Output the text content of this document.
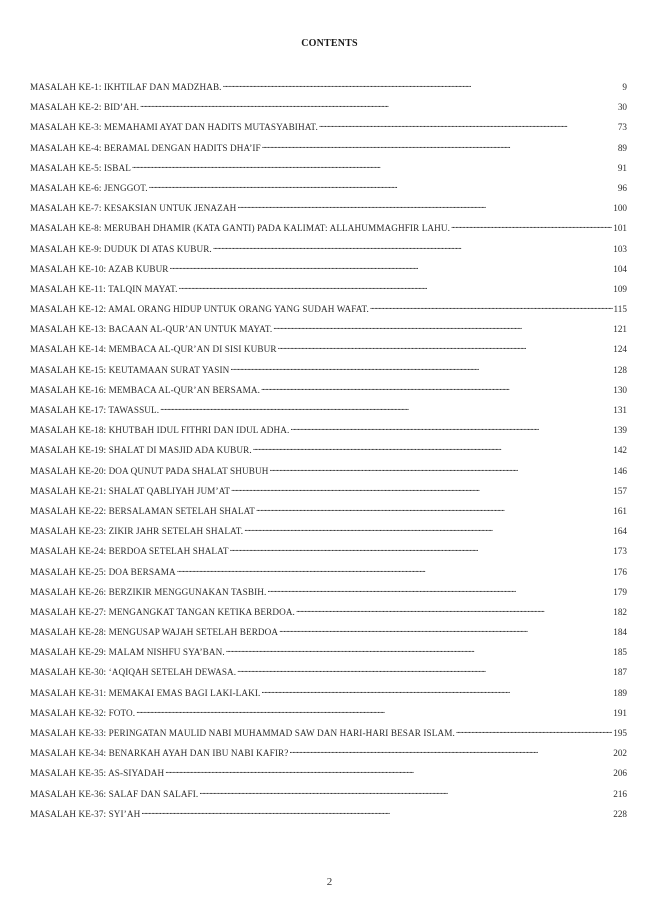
CONTENTS
MASALAH KE-1: IKHTILAF DAN MADZHAB. . . .	9
MASALAH KE-2: BID’AH. . . .	30
MASALAH KE-3: MEMAHAMI AYAT DAN HADITS MUTASYABIHAT. . . .	73
MASALAH KE-4: BERAMAL DENGAN HADITS DHA’IF . . .	89
MASALAH KE-5: ISBAL . . .	91
MASALAH KE-6: JENGGOT. . . .	96
MASALAH KE-7: KESAKSIAN UNTUK JENAZAH . . .	100
MASALAH KE-8: MERUBAH DHAMIR (KATA GANTI) PADA KALIMAT: ALLAHUMMAGHFIR LAHU. . . .	101
MASALAH KE-9: DUDUK DI ATAS KUBUR. . . .	103
MASALAH KE-10: AZAB KUBUR . . .	104
MASALAH KE-11: TALQIN MAYAT. . . .	109
MASALAH KE-12: AMAL ORANG HIDUP UNTUK ORANG YANG SUDAH WAFAT. . . .	115
MASALAH KE-13: BACAAN AL-QUR’AN UNTUK MAYAT. . . .	121
MASALAH KE-14: MEMBACA AL-QUR’AN DI SISI KUBUR . . .	124
MASALAH KE-15: KEUTAMAAN SURAT YASIN . . .	128
MASALAH KE-16: MEMBACA AL-QUR’AN BERSAMA. . . .	130
MASALAH KE-17: TAWASSUL. . . .	131
MASALAH KE-18: KHUTBAH IDUL FITHRI DAN IDUL ADHA. . . .	139
MASALAH KE-19: SHALAT DI MASJID ADA KUBUR. . . .	142
MASALAH KE-20: DOA QUNUT PADA SHALAT SHUBUH . . .	146
MASALAH KE-21: SHALAT QABLIYAH JUM’AT . . .	157
MASALAH KE-22: BERSALAMAN SETELAH SHALAT . . .	161
MASALAH KE-23: ZIKIR JAHR SETELAH SHALAT. . . .	164
MASALAH KE-24: BERDOA SETELAH SHALAT . . .	173
MASALAH KE-25: DOA BERSAMA . . .	176
MASALAH KE-26: BERZIKIR MENGGUNAKAN TASBIH. . . .	179
MASALAH KE-27: MENGANGKAT TANGAN KETIKA BERDOA. . . .	182
MASALAH KE-28: MENGUSAP WAJAH SETELAH BERDOA . . .	184
MASALAH KE-29: MALAM NISHFU SYA’BAN. . . .	185
MASALAH KE-30: ‘AQIQAH SETELAH DEWASA. . . .	187
MASALAH KE-31: MEMAKAI EMAS BAGI LAKI-LAKI. . . .	189
MASALAH KE-32: FOTO. . . .	191
MASALAH KE-33: PERINGATAN MAULID NABI MUHAMMAD SAW DAN HARI-HARI BESAR ISLAM. . . .	195
MASALAH KE-34: BENARKAH AYAH DAN IBU NABI KAFIR? . . .	202
MASALAH KE-35: AS-SIYADAH . . .	206
MASALAH KE-36: SALAF DAN SALAFI. . . .	216
MASALAH KE-37: SYI’AH . . .	228
2
